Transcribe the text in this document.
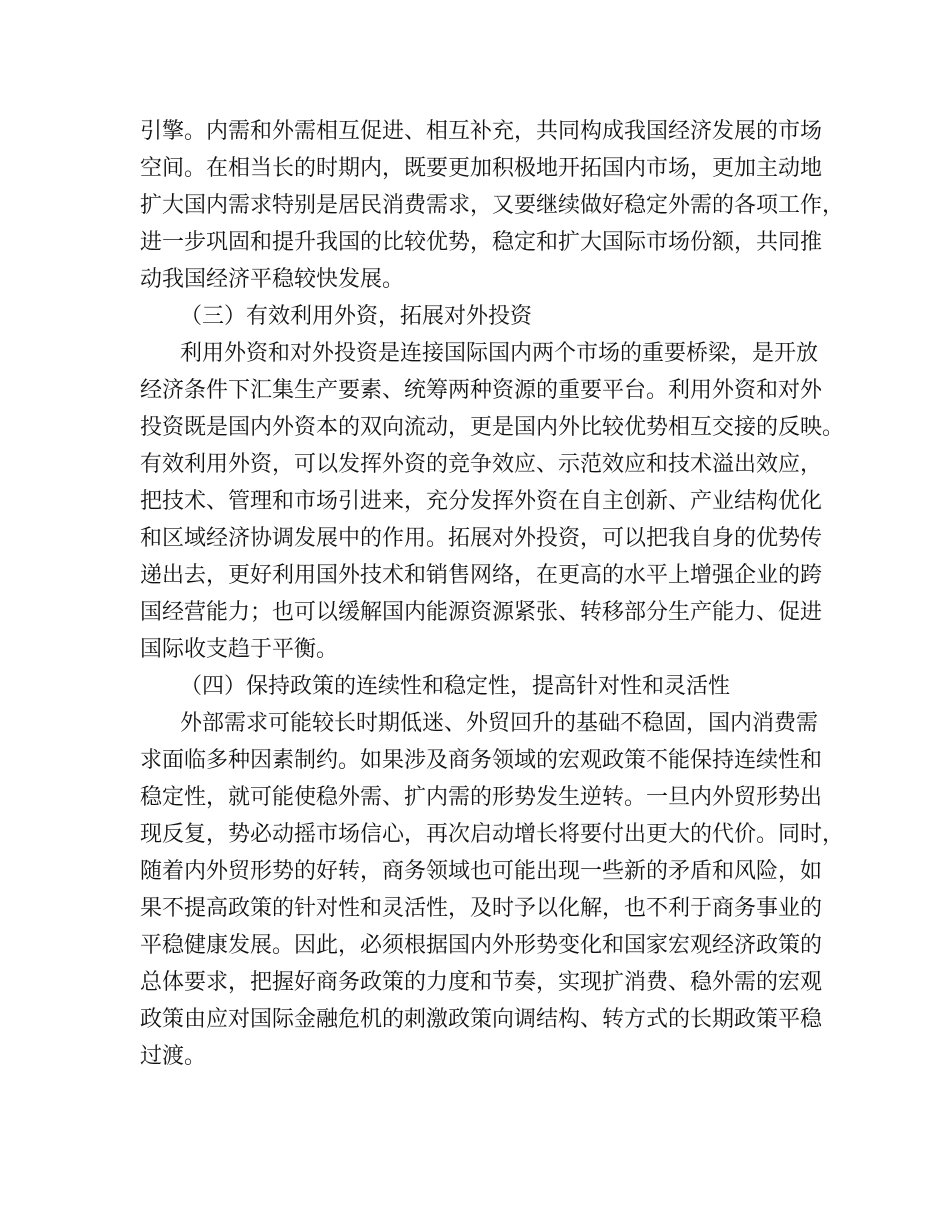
引擎。内需和外需相互促进、相互补充，共同构成我国经济发展的市场
空间。在相当长的时期内，既要更加积极地开拓国内市场，更加主动地
扩大国内需求特别是居民消费需求，又要继续做好稳定外需的各项工作，
进一步巩固和提升我国的比较优势，稳定和扩大国际市场份额，共同推
动我国经济平稳较快发展。
（三）有效利用外资，拓展对外投资
利用外资和对外投资是连接国际国内两个市场的重要桥梁，是开放
经济条件下汇集生产要素、统筹两种资源的重要平台。利用外资和对外
投资既是国内外资本的双向流动，更是国内外比较优势相互交接的反映。
有效利用外资，可以发挥外资的竞争效应、示范效应和技术溢出效应，
把技术、管理和市场引进来，充分发挥外资在自主创新、产业结构优化
和区域经济协调发展中的作用。拓展对外投资，可以把我自身的优势传
递出去，更好利用国外技术和销售网络，在更高的水平上增强企业的跨
国经营能力；也可以缓解国内能源资源紧张、转移部分生产能力、促进
国际收支趋于平衡。
（四）保持政策的连续性和稳定性，提高针对性和灵活性
外部需求可能较长时期低迷、外贸回升的基础不稳固，国内消费需
求面临多种因素制约。如果涉及商务领域的宏观政策不能保持连续性和
稳定性，就可能使稳外需、扩内需的形势发生逆转。一旦内外贸形势出
现反复，势必动摇市场信心，再次启动增长将要付出更大的代价。同时，
随着内外贸形势的好转，商务领域也可能出现一些新的矛盾和风险，如
果不提高政策的针对性和灵活性，及时予以化解，也不利于商务事业的
平稳健康发展。因此，必须根据国内外形势变化和国家宏观经济政策的
总体要求，把握好商务政策的力度和节奏，实现扩消费、稳外需的宏观
政策由应对国际金融危机的刺激政策向调结构、转方式的长期政策平稳
过渡。
